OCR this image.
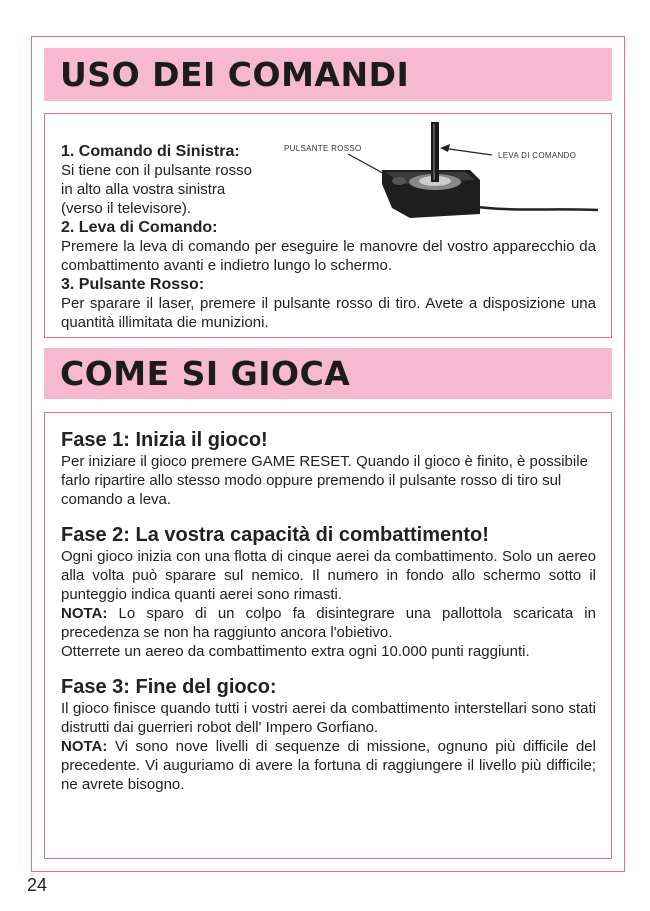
USO DEI COMANDI
PULSANTE ROSSO
LEVA DI COMANDO
1. Comando di Sinistra:
Si tiene con il pulsante rosso
in alto alla vostra sinistra
(verso il televisore).
2. Leva di Comando:
Premere la leva di comando per eseguire le manovre del vostro apparecchio da combattimento avanti e indietro lungo lo schermo.
3. Pulsante Rosso:
Per sparare il laser, premere il pulsante rosso di tiro. Avete a disposizione una quantità illimitata die munizioni.
COME SI GIOCA
Fase 1: Inizia il gioco!
Per iniziare il gioco premere GAME RESET. Quando il gioco è finito, è possibile farlo ripartire allo stesso modo oppure premendo il pulsante rosso di tiro sul comando a leva.
Fase 2: La vostra capacità di combattimento!
Ogni gioco inizia con una flotta di cinque aerei da combattimento. Solo un aereo alla volta può sparare sul nemico. Il numero in fondo allo schermo sotto il punteggio indica quanti aerei sono rimasti.
NOTA: Lo sparo di un colpo fa disintegrare una pallottola scaricata in precedenza se non ha raggiunto ancora l'obietivo.
Otterrete un aereo da combattimento extra ogni 10.000 punti raggiunti.
Fase 3: Fine del gioco:
Il gioco finisce quando tutti i vostri aerei da combattimento interstellari sono stati distrutti dai guerrieri robot dell' Impero Gorfiano.
NOTA: Vi sono nove livelli di sequenze di missione, ognuno più difficile del precedente. Vi auguriamo di avere la fortuna di raggiungere il livello più difficile; ne avrete bisogno.
24
